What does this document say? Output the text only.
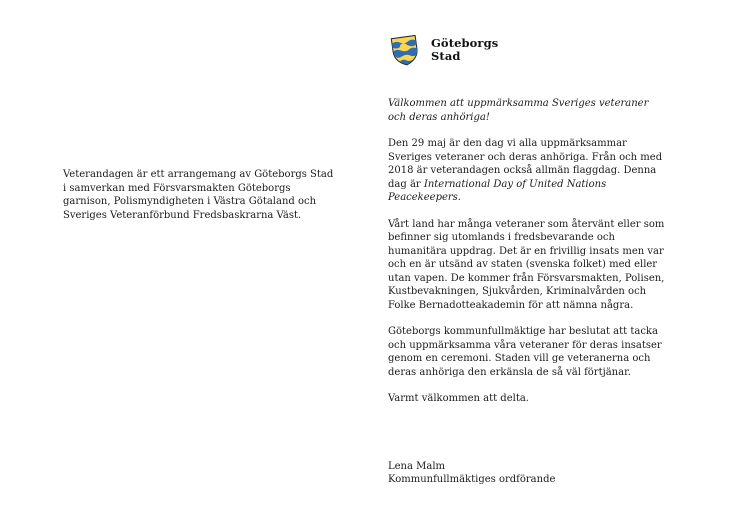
Veterandagen är ett arrangemang av Göteborgs Stad i samverkan med Försvarsmakten Göteborgs garnison, Polismyndigheten i Västra Götaland och Sveriges Veteranförbund Fredsbaskrarna Väst.
Göteborgs
Stad
Välkommen att uppmärksamma Sveriges veteraner och deras anhöriga!
Den 29 maj är den dag vi alla uppmärksammar Sveriges veteraner och deras anhöriga. Från och med 2018 är veterandagen också allmän flaggdag. Denna dag är International Day of United Nations Peacekeepers.
Vårt land har många veteraner som återvänt eller som befinner sig utomlands i fredsbevarande och humanitära uppdrag. Det är en frivillig insats men var och en är utsänd av staten (svenska folket) med eller utan vapen. De kommer från Försvarsmakten, Polisen, Kustbevakningen, Sjukvården, Kriminalvården och Folke Bernadotteakademin för att nämna några.
Göteborgs kommunfullmäktige har beslutat att tacka och uppmärksamma våra veteraner för deras insatser genom en ceremoni. Staden vill ge veteranerna och deras anhöriga den erkänsla de så väl förtjänar.
Varmt välkommen att delta.
Lena Malm
Kommunfullmäktiges ordförande
